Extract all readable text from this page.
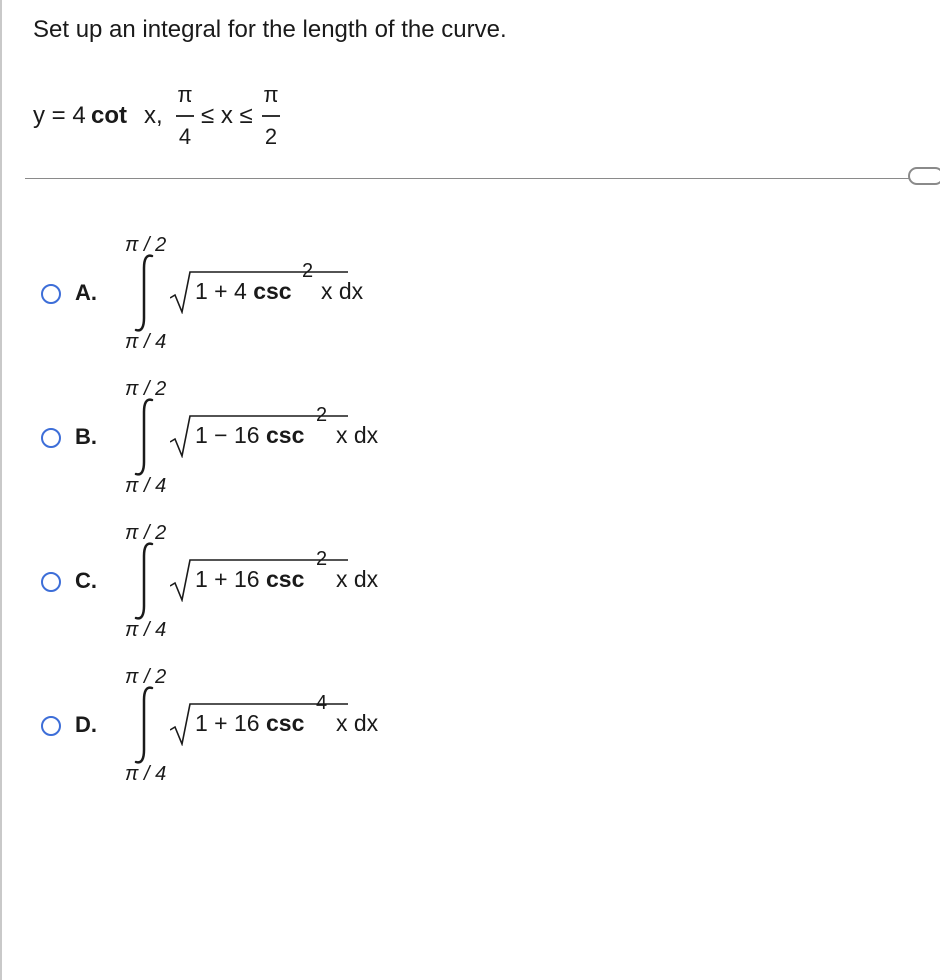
Set up an integral for the length of the curve.
y = 4 cot x,
π
4
≤ x ≤
π
2
A.
π / 2
1 + 4 csc
2
x dx
π / 4
B.
π / 2
1 − 16 csc
2
x dx
π / 4
C.
π / 2
1 + 16 csc
2
x dx
π / 4
D.
π / 2
1 + 16 csc
4
x dx
π / 4
